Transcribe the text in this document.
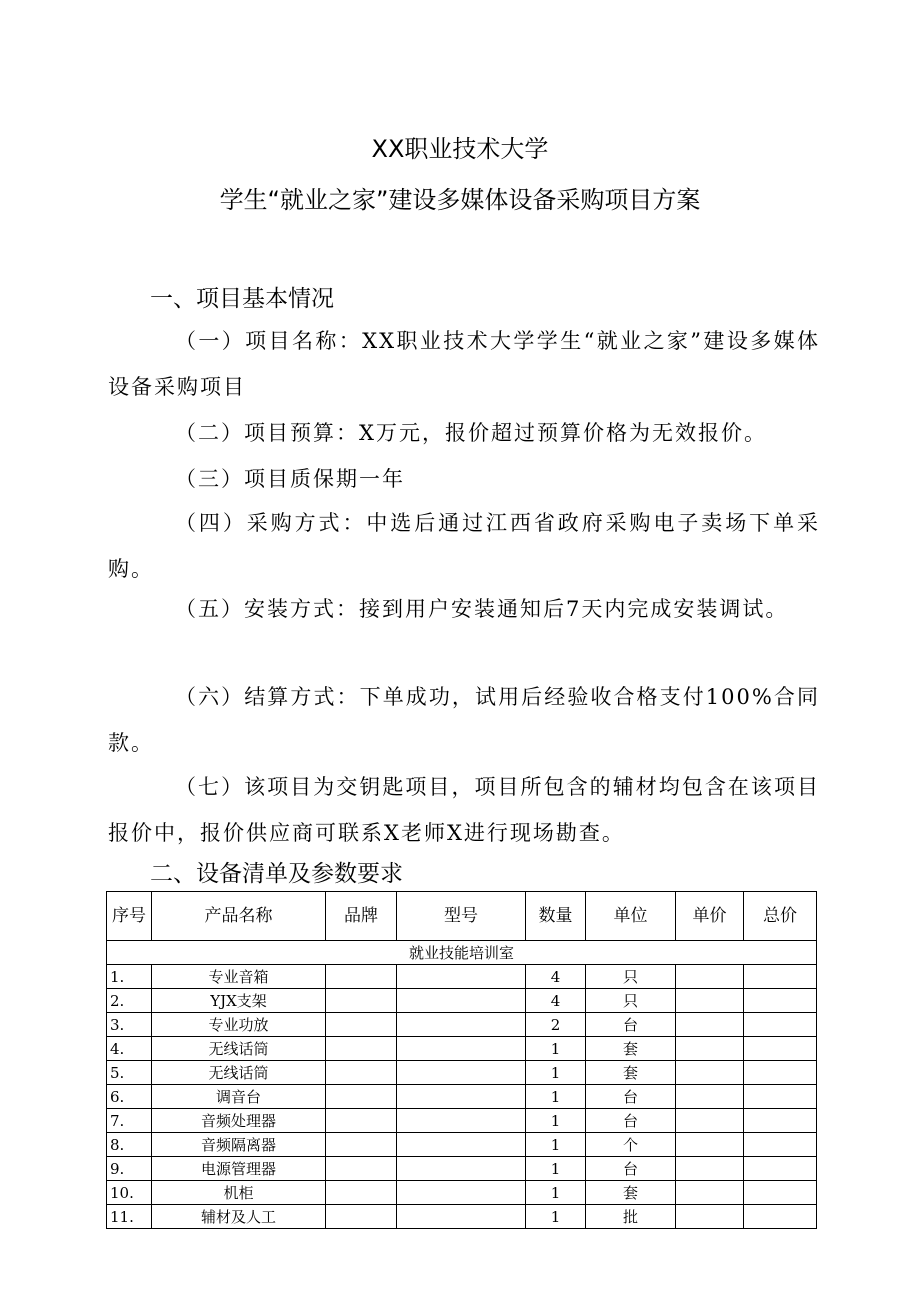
XX职业技术大学
学生“就业之家”建设多媒体设备采购项目方案
一、项目基本情况
（一）项目名称：XX职业技术大学学生“就业之家”建设多媒体设备采购项目
（二）项目预算：X万元，报价超过预算价格为无效报价。
（三）项目质保期一年
（四）采购方式：中选后通过江西省政府采购电子卖场下单采购。
（五）安装方式：接到用户安装通知后7天内完成安装调试。
（六）结算方式：下单成功，试用后经验收合格支付100%合同款。
（七）该项目为交钥匙项目，项目所包含的辅材均包含在该项目报价中，报价供应商可联系X老师X进行现场勘查。
二、设备清单及参数要求
序号	产品名称	品牌	型号	数量	单位	单价	总价
就业技能培训室							
1.	专业音箱			4	只		
2.	YJX支架			4	只		
3.	专业功放			2	台		
4.	无线话筒			1	套		
5.	无线话筒			1	套		
6.	调音台			1	台		
7.	音频处理器			1	台		
8.	音频隔离器			1	个		
9.	电源管理器			1	台		
10.	机柜			1	套		
11.	辅材及人工			1	批		
